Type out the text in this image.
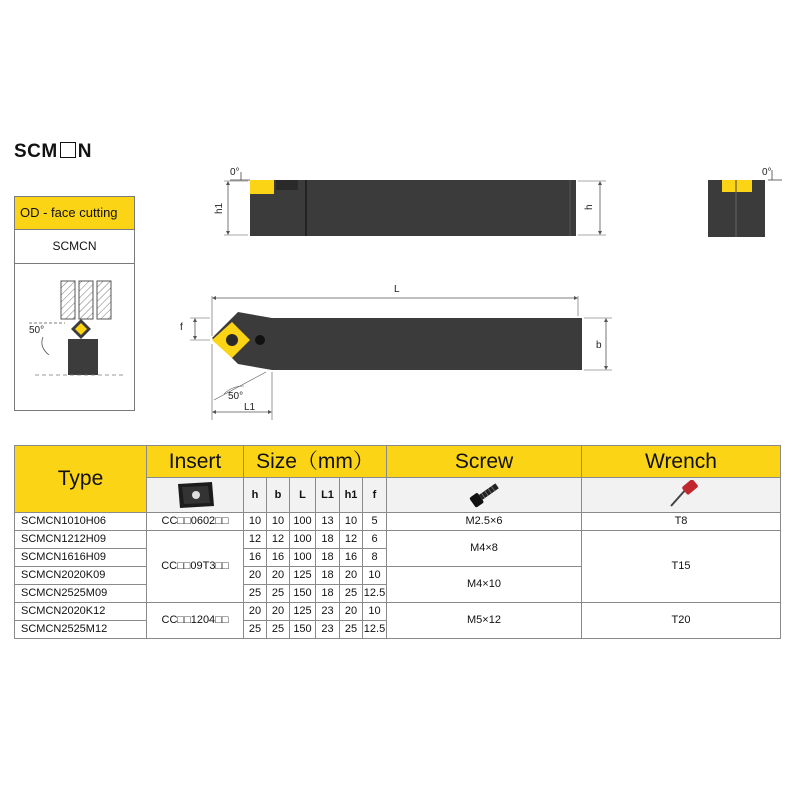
SCM N
OD - face cutting
SCMCN
50°
0°
h1	h
0°
L
f
b
50°
L1
Type	Insert	Size（mm）						Screw	Wrench

	h	b	L	L1	h1	f	

SCMCN1010H06	CC□□0602□□	10	10	100	13	10	5	M2.5×6	T8
SCMCN1212H09	CC□□09T3□□	12	12	100	18	12	6	M4×8	T15
SCMCN1616H09		16	16	100	18	16	8		
SCMCN2020K09		20	20	125	18	20	10	M4×10	
SCMCN2525M09		25	25	150	18	25	12.5		
SCMCN2020K12	CC□□1204□□	20	20	125	23	20	10	M5×12	T20
SCMCN2525M12		25	25	150	23	25	12.5		
